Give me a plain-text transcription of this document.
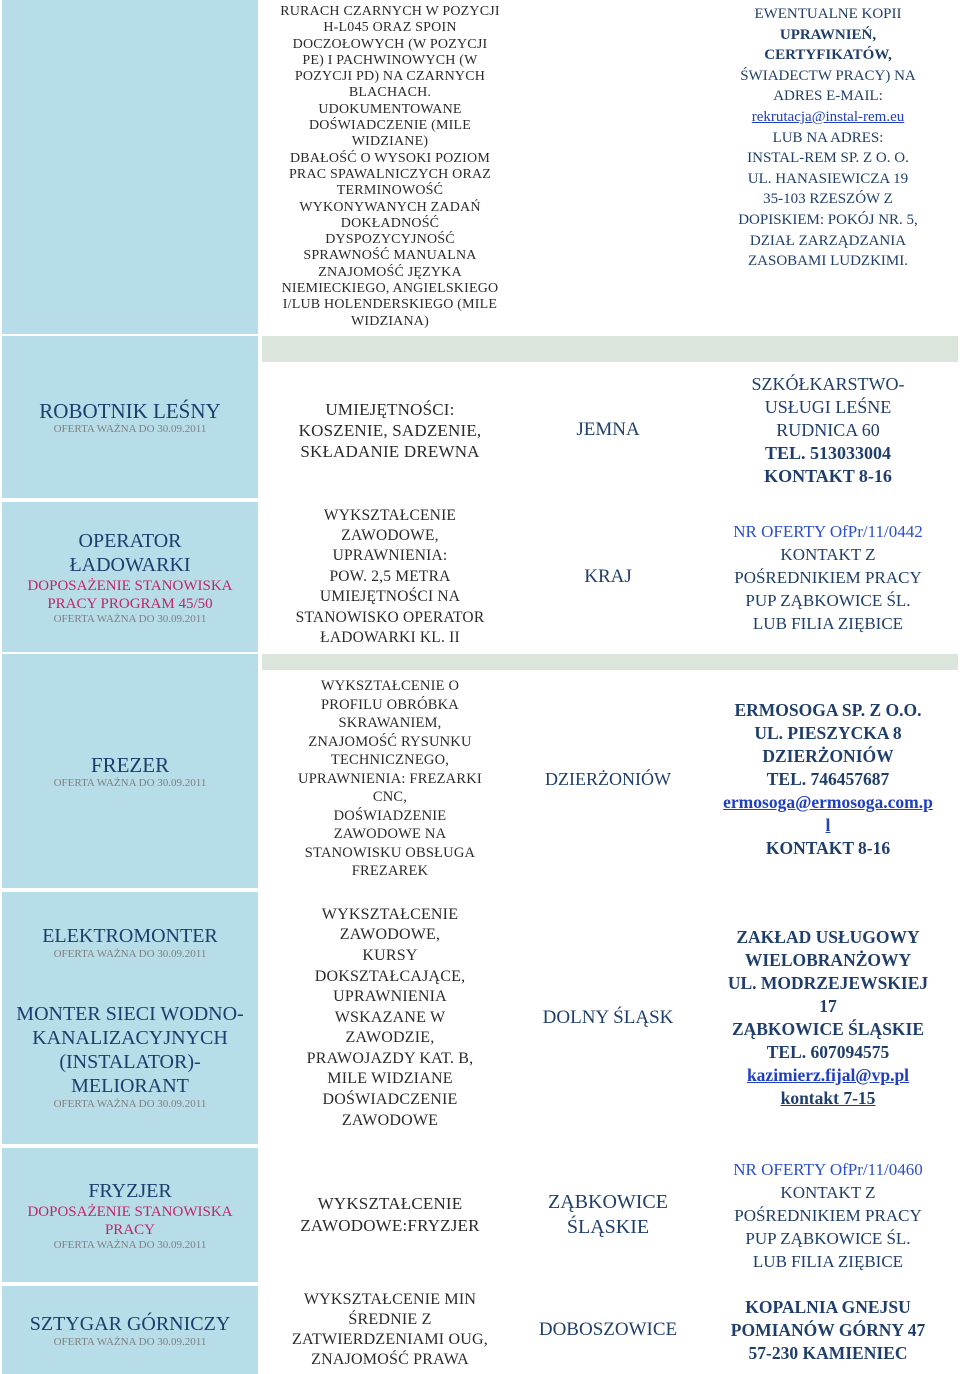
RURACH CZARNYCH W POZYCJI
H-L045 ORAZ SPOIN
DOCZOŁOWYCH (W POZYCJI
PE) I PACHWINOWYCH (W
POZYCJI PD) NA CZARNYCH
BLACHACH.
UDOKUMENTOWANE
DOŚWIADCZENIE (MILE
WIDZIANE)
DBAŁOŚĆ O WYSOKI POZIOM
PRAC SPAWALNICZYCH ORAZ
TERMINOWOŚĆ
WYKONYWANYCH ZADAŃ
DOKŁADNOŚĆ
DYSPOZYCYJNOŚĆ
SPRAWNOŚĆ MANUALNA
ZNAJOMOŚĆ JĘZYKA
NIEMIECKIEGO, ANGIELSKIEGO
I/LUB HOLENDERSKIEGO (MILE
WIDZIANA)
EWENTUALNE KOPII
UPRAWNIEŃ,
CERTYFIKATÓW,
ŚWIADECTW PRACY) NA
ADRES E-MAIL:
rekrutacja@instal-rem.eu
LUB NA ADRES:
INSTAL-REM SP. Z O. O.
UL. HANASIEWICZA 19
35-103 RZESZÓW Z
DOPISKIEM: POKÓJ NR. 5,
DZIAŁ ZARZĄDZANIA
ZASOBAMI LUDZKIMI.
ROBOTNIK LEŚNY
OFERTA WAŻNA DO 30.09.2011
UMIEJĘTNOŚCI:
KOSZENIE, SADZENIE,
SKŁADANIE DREWNA
JEMNA
SZKÓŁKARSTWO-
USŁUGI LEŚNE
RUDNICA 60
TEL. 513033004
KONTAKT 8-16
OPERATOR
ŁADOWARKI
DOPOSAŻENIE STANOWISKA
PRACY PROGRAM 45/50
OFERTA WAŻNA DO 30.09.2011
WYKSZTAŁCENIE
ZAWODOWE,
UPRAWNIENIA:
POW. 2,5 METRA
UMIEJĘTNOŚCI NA
STANOWISKO OPERATOR
ŁADOWARKI KL. II
KRAJ
NR OFERTY OfPr/11/0442
KONTAKT Z
POŚREDNIKIEM PRACY
PUP ZĄBKOWICE ŚL.
LUB FILIA ZIĘBICE
FREZER
OFERTA WAŻNA DO 30.09.2011
WYKSZTAŁCENIE O
PROFILU OBRÓBKA
SKRAWANIEM,
ZNAJOMOŚĆ RYSUNKU
TECHNICZNEGO,
UPRAWNIENIA: FREZARKI
CNC,
DOŚWIADZENIE
ZAWODOWE NA
STANOWISKU OBSŁUGA
FREZAREK
DZIERŻONIÓW
ERMOSOGA SP. Z O.O.
UL. PIESZYCKA 8
DZIERŻONIÓW
TEL. 746457687
ermosoga@ermosoga.com.p
l
KONTAKT 8-16
ELEKTROMONTER
OFERTA WAŻNA DO 30.09.2011
MONTER SIECI WODNO-
KANALIZACYJNYCH
(INSTALATOR)-
MELIORANT
OFERTA WAŻNA DO 30.09.2011
WYKSZTAŁCENIE
ZAWODOWE,
KURSY
DOKSZTAŁCAJĄCE,
UPRAWNIENIA
WSKAZANE W
ZAWODZIE,
PRAWOJAZDY KAT. B,
MILE WIDZIANE
DOŚWIADCZENIE
ZAWODOWE
DOLNY ŚLĄSK
ZAKŁAD USŁUGOWY
WIELOBRANŻOWY
UL. MODRZEJEWSKIEJ
17
ZĄBKOWICE ŚLĄSKIE
TEL. 607094575
kazimierz.fijal@vp.pl
kontakt 7-15
FRYZJER
DOPOSAŻENIE STANOWISKA
PRACY
OFERTA WAŻNA DO 30.09.2011
WYKSZTAŁCENIE
ZAWODOWE:FRYZJER
ZĄBKOWICE
ŚLĄSKIE
NR OFERTY OfPr/11/0460
KONTAKT Z
POŚREDNIKIEM PRACY
PUP ZĄBKOWICE ŚL.
LUB FILIA ZIĘBICE
SZTYGAR GÓRNICZY
OFERTA WAŻNA DO 30.09.2011
WYKSZTAŁCENIE MIN
ŚREDNIE Z
ZATWIERDZENIAMI OUG,
ZNAJOMOŚĆ PRAWA
DOBOSZOWICE
KOPALNIA GNEJSU
POMIANÓW GÓRNY 47
57-230 KAMIENIEC
